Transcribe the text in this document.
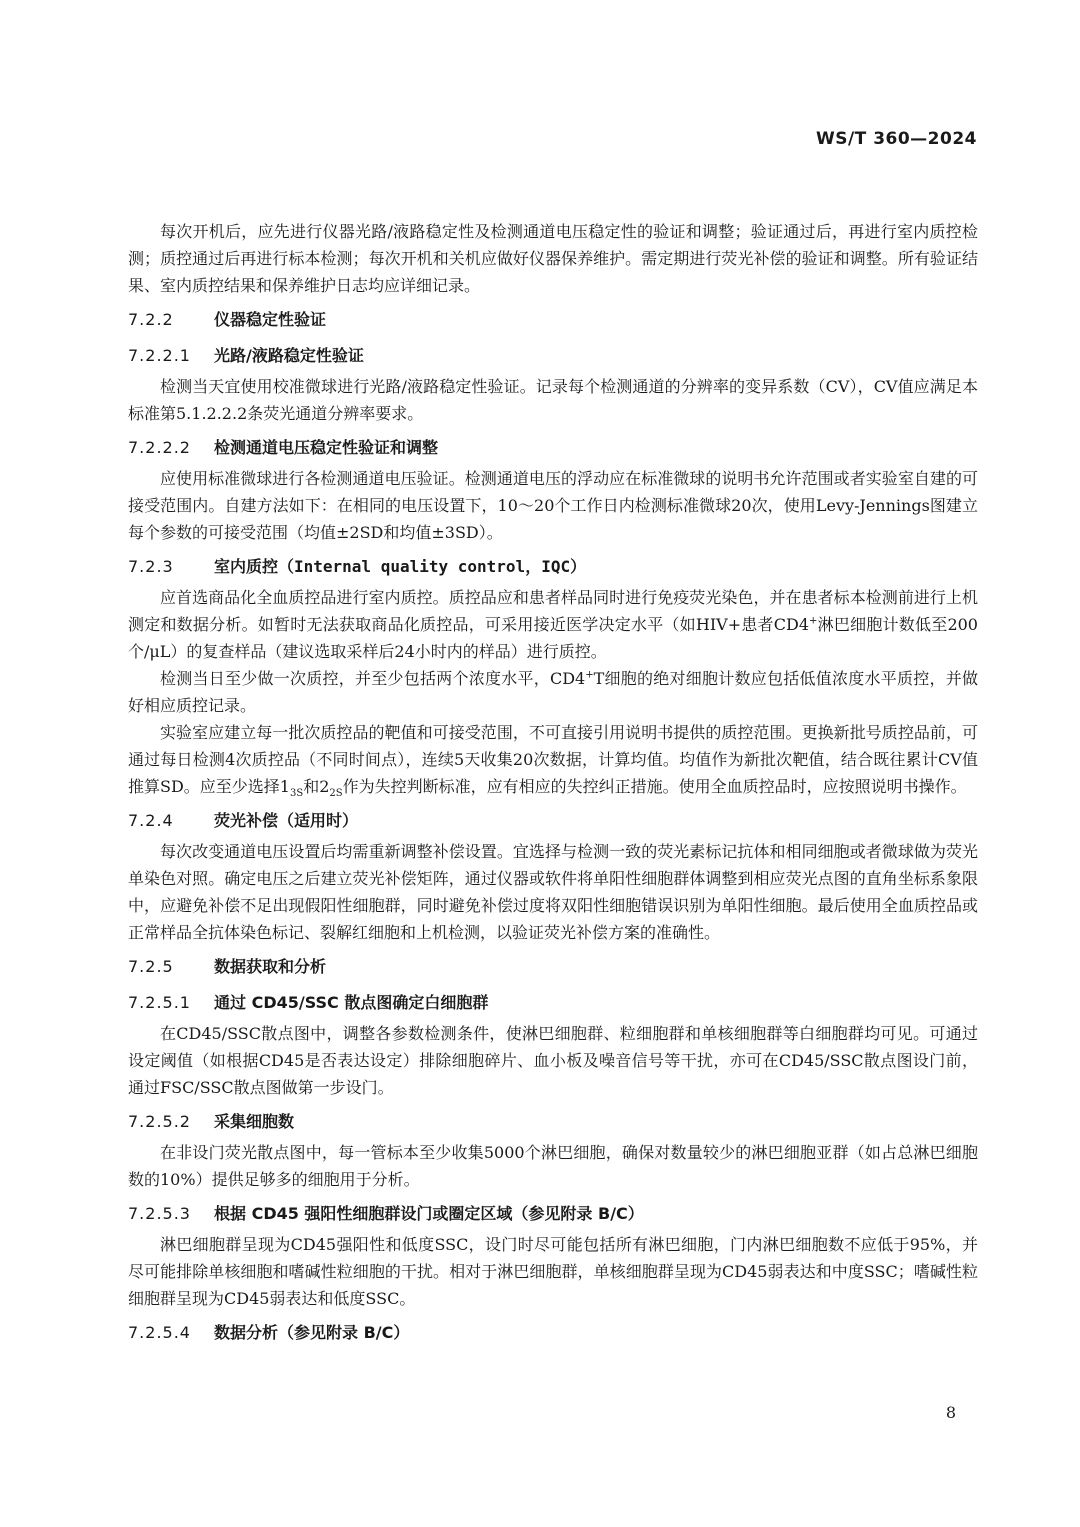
WS/T 360—2024

每次开机后，应先进行仪器光路/液路稳定性及检测通道电压稳定性的验证和调整；验证通过后，再进行室内质控检测；质控通过后再进行标本检测；每次开机和关机应做好仪器保养维护。需定期进行荧光补偿的验证和调整。所有验证结果、室内质控结果和保养维护日志均应详细记录。

7.2.2	仪器稳定性验证
7.2.2.1 光路/液路稳定性验证

检测当天宜使用校准微球进行光路/液路稳定性验证。记录每个检测通道的分辨率的变异系数（CV），CV值应满足本标准第5.1.2.2.2条荧光通道分辨率要求。

7.2.2.2 检测通道电压稳定性验证和调整

应使用标准微球进行各检测通道电压验证。检测通道电压的浮动应在标准微球的说明书允许范围或者实验室自建的可接受范围内。自建方法如下：在相同的电压设置下，10～20个工作日内检测标准微球20次，使用Levy-Jennings图建立每个参数的可接受范围（均值±2SD和均值±3SD）。

7.2.3	室内质控（Internal quality control，IQC）

应首选商品化全血质控品进行室内质控。质控品应和患者样品同时进行免疫荧光染色，并在患者标本检测前进行上机测定和数据分析。如暂时无法获取商品化质控品，可采用接近医学决定水平（如HIV+患者CD4+淋巴细胞计数低至200个/μL）的复查样品（建议选取采样后24小时内的样品）进行质控。

检测当日至少做一次质控，并至少包括两个浓度水平，CD4+T细胞的绝对细胞计数应包括低值浓度水平质控，并做好相应质控记录。

实验室应建立每一批次质控品的靶值和可接受范围，不可直接引用说明书提供的质控范围。更换新批号质控品前，可通过每日检测4次质控品（不同时间点），连续5天收集20次数据，计算均值。均值作为新批次靶值，结合既往累计CV值推算SD。应至少选择$1_{3S}$和$2_{2S}$作为失控判断标准，应有相应的失控纠正措施。使用全血质控品时，应按照说明书操作。

7.2.4	荧光补偿（适用时）

每次改变通道电压设置后均需重新调整补偿设置。宜选择与检测一致的荧光素标记抗体和相同细胞或者微球做为荧光单染色对照。确定电压之后建立荧光补偿矩阵，通过仪器或软件将单阳性细胞群体调整到相应荧光点图的直角坐标系象限中，应避免补偿不足出现假阳性细胞群，同时避免补偿过度将双阳性细胞错误识别为单阳性细胞。最后使用全血质控品或正常样品全抗体染色标记、裂解红细胞和上机检测，以验证荧光补偿方案的准确性。

7.2.5	数据获取和分析
7.2.5.1 通过 CD45/SSC 散点图确定白细胞群

在CD45/SSC散点图中，调整各参数检测条件，使淋巴细胞群、粒细胞群和单核细胞群等白细胞群均可见。可通过设定阈值（如根据CD45是否表达设定）排除细胞碎片、血小板及噪音信号等干扰，亦可在CD45/SSC散点图设门前，通过FSC/SSC散点图做第一步设门。

7.2.5.2 采集细胞数

在非设门荧光散点图中，每一管标本至少收集5000个淋巴细胞，确保对数量较少的淋巴细胞亚群（如占总淋巴细胞数的10%）提供足够多的细胞用于分析。

7.2.5.3 根据 CD45 强阳性细胞群设门或圈定区域（参见附录 B/C）

淋巴细胞群呈现为CD45强阳性和低度SSC，设门时尽可能包括所有淋巴细胞，门内淋巴细胞数不应低于95%，并尽可能排除单核细胞和嗜碱性粒细胞的干扰。相对于淋巴细胞群，单核细胞群呈现为CD45弱表达和中度SSC；嗜碱性粒细胞群呈现为CD45弱表达和低度SSC。

7.2.5.4 数据分析（参见附录 B/C）
8
